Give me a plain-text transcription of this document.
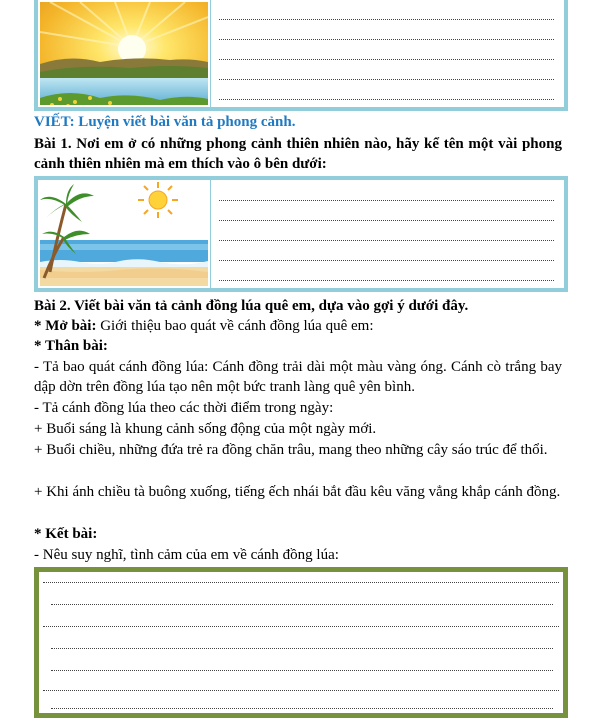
VIẾT: Luyện viết bài văn tả phong cảnh.
Bài 1. Nơi em ở có những phong cảnh thiên nhiên nào, hãy kể tên một vài phong cảnh thiên nhiên mà em thích vào ô bên dưới:
Bài 2. Viết bài văn tả cảnh đồng lúa quê em, dựa vào gợi ý dưới đây.
* Mở bài: Giới thiệu bao quát về cánh đồng lúa quê em:
* Thân bài:
- Tả bao quát cánh đồng lúa: Cánh đồng trải dài một màu vàng óng. Cánh cò trắng bay dập dờn trên đồng lúa tạo nên một bức tranh làng quê yên bình.
- Tả cánh đồng lúa theo các thời điểm trong ngày:
+ Buổi sáng là khung cảnh sống động của một ngày mới.
+ Buổi chiều, những đứa trẻ ra đồng chăn trâu, mang theo những cây sáo trúc để thổi.
+ Khi ánh chiều tà buông xuống, tiếng ếch nhái bắt đầu kêu văng vẳng khắp cánh đồng.
* Kết bài:
- Nêu suy nghĩ, tình cảm của em về cánh đồng lúa:
